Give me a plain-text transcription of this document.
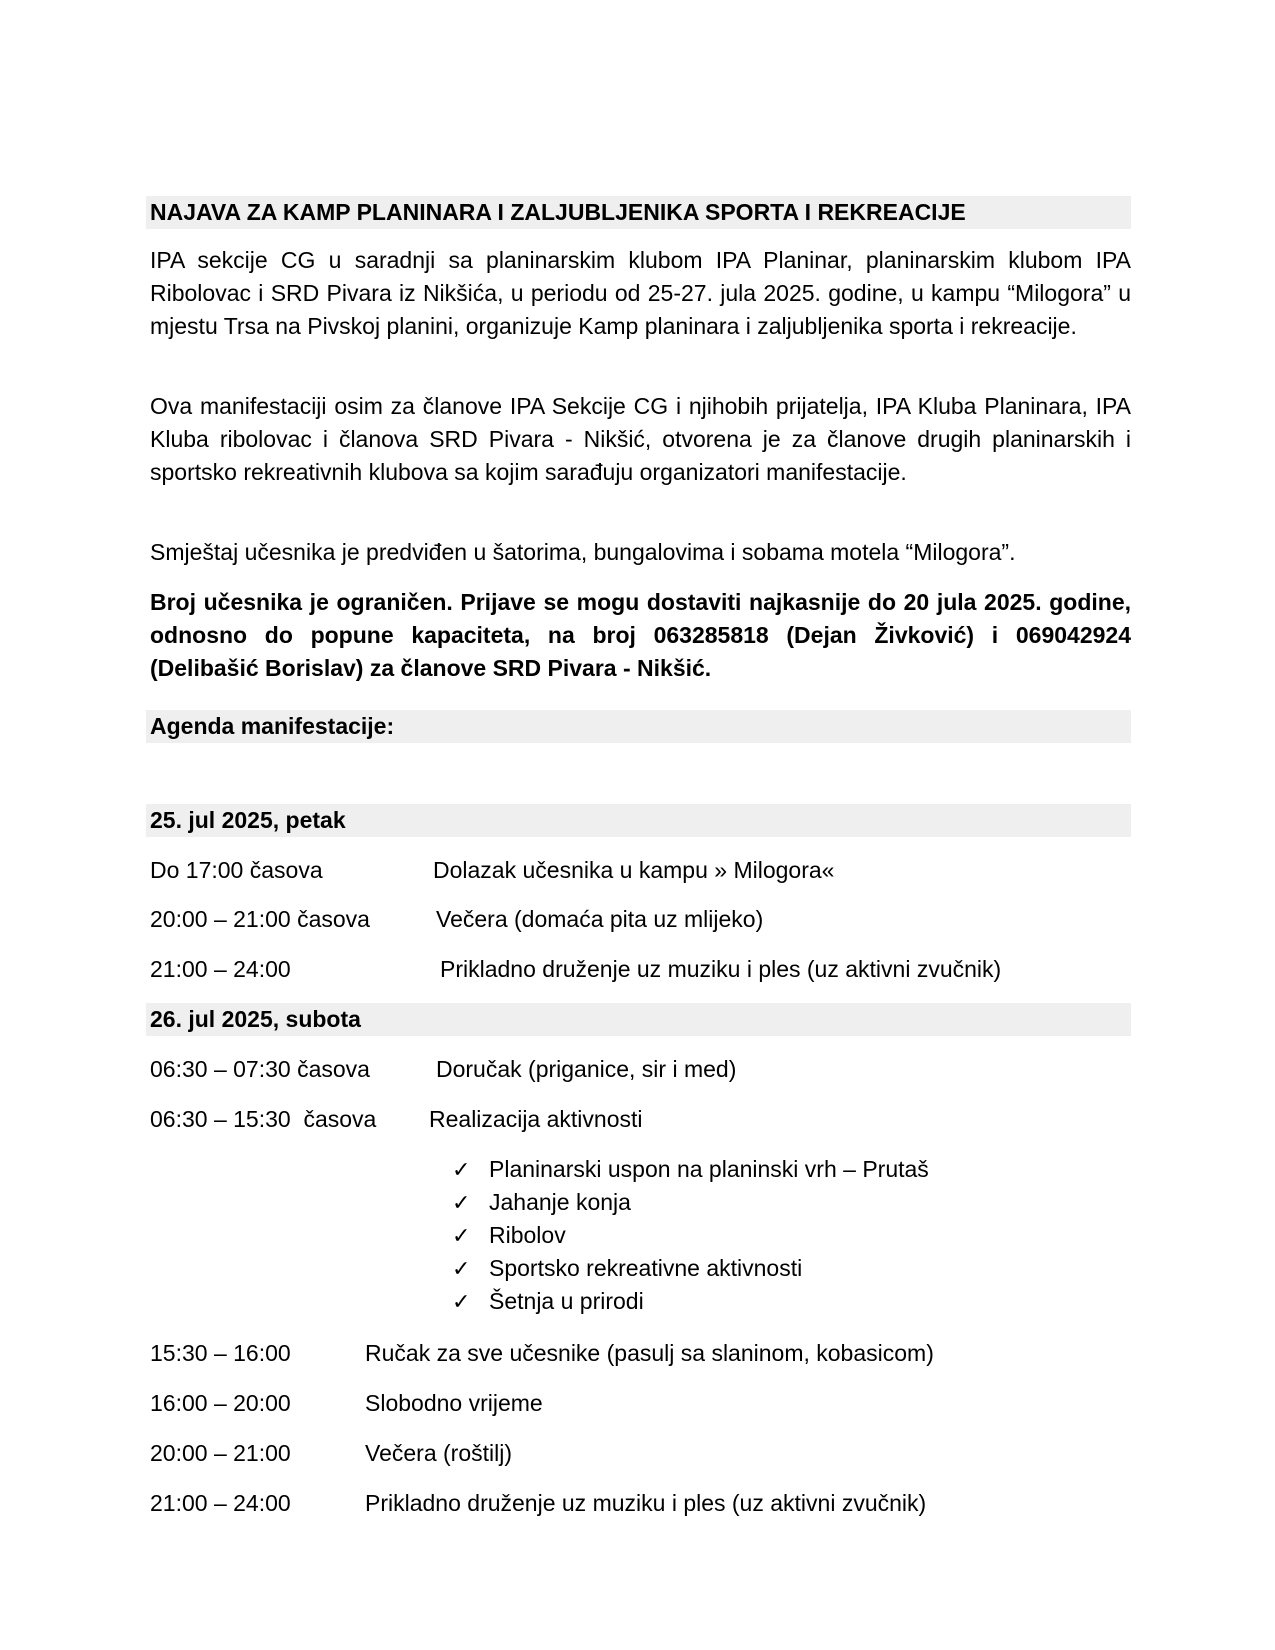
NAJAVA ZA KAMP PLANINARA I ZALJUBLJENIKA SPORTA I REKREACIJE
IPA sekcije CG u saradnji sa planinarskim klubom IPA Planinar, planinarskim klubom IPA Ribolovac i SRD Pivara iz Nikšića, u periodu od 25-27. jula 2025. godine, u kampu “Milogora” u mjestu Trsa na Pivskoj planini, organizuje Kamp planinara i zaljubljenika sporta i rekreacije.
Ova manifestaciji osim za članove IPA Sekcije CG i njihobih prijatelja, IPA Kluba Planinara, IPA Kluba ribolovac i članova SRD Pivara - Nikšić, otvorena je za članove drugih planinarskih i sportsko rekreativnih klubova sa kojim sarađuju organizatori manifestacije.
Smještaj učesnika je predviđen u šatorima, bungalovima i sobama motela “Milogora”.
Broj učesnika je ograničen. Prijave se mogu dostaviti najkasnije do 20 jula 2025. godine, odnosno do popune kapaciteta, na broj 063285818 (Dejan Živković) i 069042924 (Delibašić Borislav) za članove SRD Pivara - Nikšić.
Agenda manifestacije:
25. jul 2025, petak
Do 17:00 časova	Dolazak učesnika u kampu » Milogora«
20:00 – 21:00 časova	Večera (domaća pita uz mlijeko)
21:00 – 24:00	Prikladno druženje uz muziku i ples (uz aktivni zvučnik)
26. jul 2025, subota
06:30 – 07:30 časova	Doručak (priganice, sir i med)
06:30 – 15:30  časova Realizacija aktivnosti
✓ Planinarski uspon na planinski vrh – Prutaš
✓ Jahanje konja
✓ Ribolov
✓ Sportsko rekreativne aktivnosti
✓ Šetnja u prirodi
15:30 – 16:00	Ručak za sve učesnike (pasulj sa slaninom, kobasicom)
16:00 – 20:00	Slobodno vrijeme
20:00 – 21:00	Večera (roštilj)
21:00 – 24:00	Prikladno druženje uz muziku i ples (uz aktivni zvučnik)
